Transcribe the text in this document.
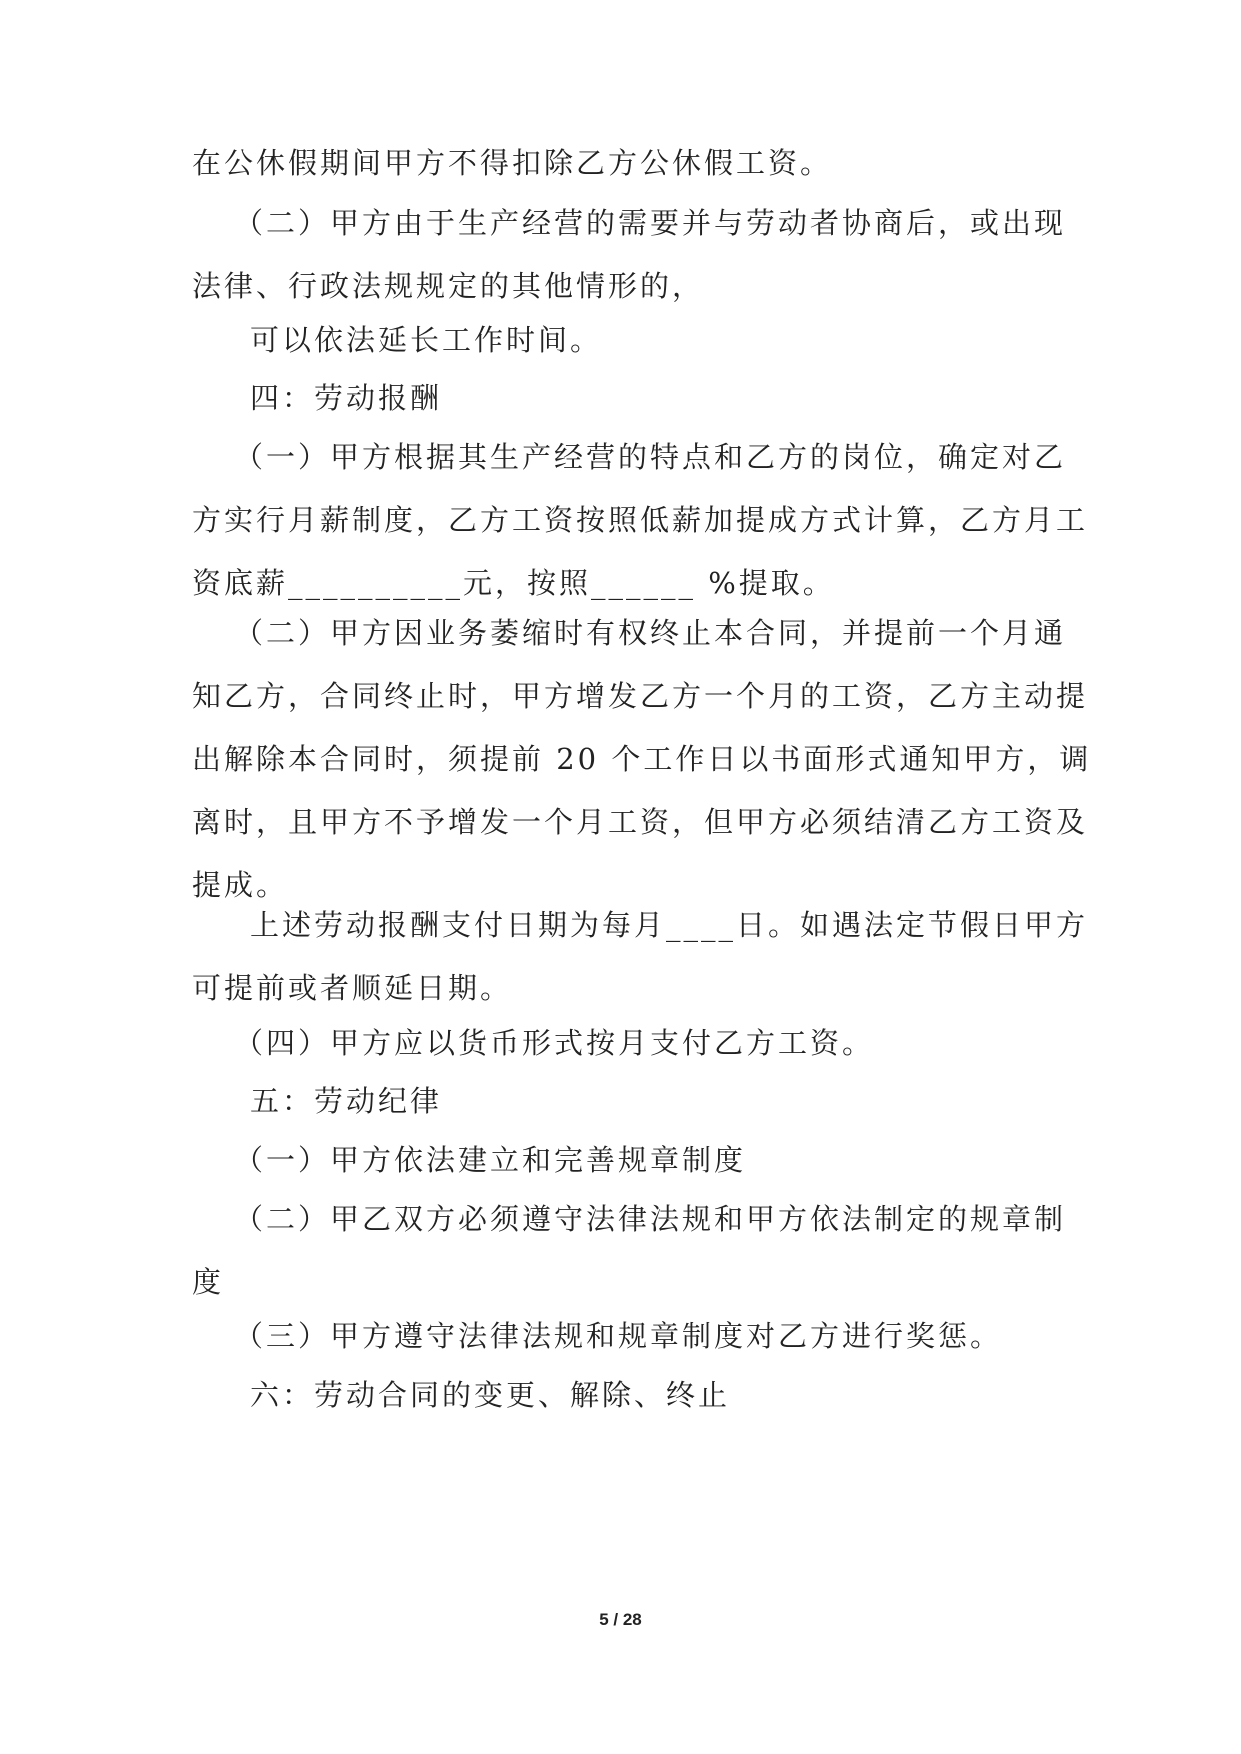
在公休假期间甲方不得扣除乙方公休假工资。
（二）甲方由于生产经营的需要并与劳动者协商后，或出现
法律、行政法规规定的其他情形的，
可以依法延长工作时间。
四：劳动报酬
（一）甲方根据其生产经营的特点和乙方的岗位，确定对乙
方实行月薪制度，乙方工资按照低薪加提成方式计算，乙方月工
资底薪__________元，按照______ %提取。
（二）甲方因业务萎缩时有权终止本合同，并提前一个月通
知乙方，合同终止时，甲方增发乙方一个月的工资，乙方主动提
出解除本合同时，须提前 20 个工作日以书面形式通知甲方，调
离时，且甲方不予增发一个月工资，但甲方必须结清乙方工资及
提成。
上述劳动报酬支付日期为每月____日。如遇法定节假日甲方
可提前或者顺延日期。
（四）甲方应以货币形式按月支付乙方工资。
五：劳动纪律
（一）甲方依法建立和完善规章制度
（二）甲乙双方必须遵守法律法规和甲方依法制定的规章制
度
（三）甲方遵守法律法规和规章制度对乙方进行奖惩。
六：劳动合同的变更、解除、终止
5 / 28
